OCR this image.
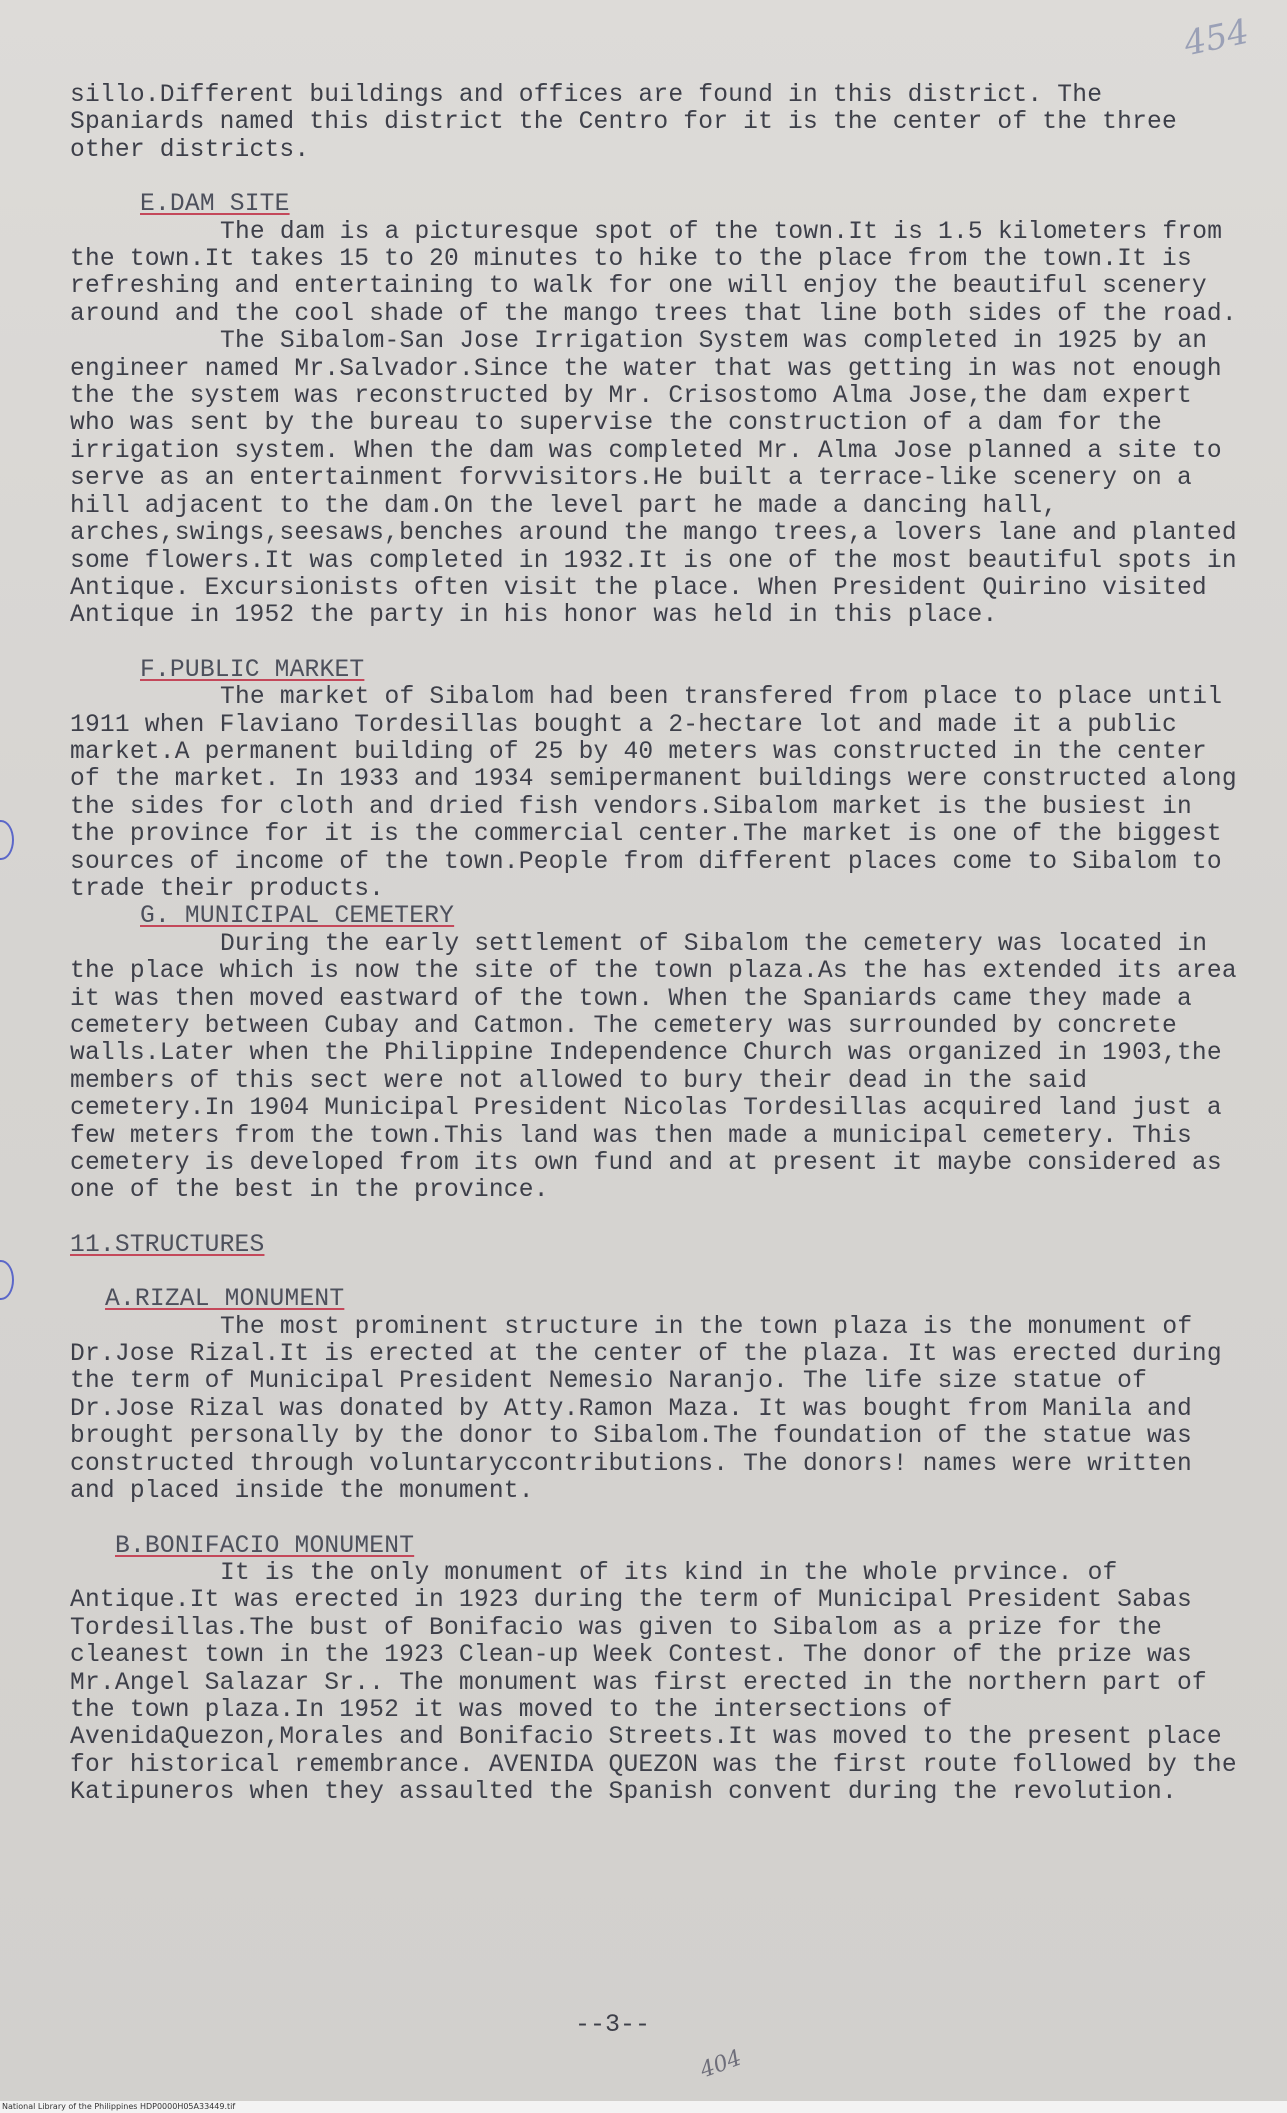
454

sillo.Different buildings and offices are found in this district. The Spaniards named this district the Centro for it is the center of the three other districts.

E.DAM SITE

The dam is a picturesque spot of the town.It is 1.5 kilometers from the town.It takes 15 to 20 minutes to hike to the place from the town.It is refreshing and entertaining to walk for one will enjoy the beautiful scenery around and the cool shade of the mango trees that line both sides of the road.

The Sibalom-San Jose Irrigation System was completed in 1925 by an engineer named Mr.Salvador.Since the water that was getting in was not enough the the system was reconstructed by Mr. Crisostomo Alma Jose,the dam expert who was sent by the bureau to supervise the construction of a dam for the irrigation system. When the dam was completed Mr. Alma Jose planned a site to serve as an entertainment forvvisitors.He built a terrace-like scenery on a hill adjacent to the dam.On the level part he made a dancing hall, arches,swings,seesaws,benches around the mango trees,a lovers lane and planted some flowers.It was completed in 1932.It is one of the most beautiful spots in Antique. Excursionists often visit the place. When President Quirino visited Antique in 1952 the party in his honor was held in this place.

F.PUBLIC MARKET

The market of Sibalom had been transfered from place to place until 1911 when Flaviano Tordesillas bought a 2-hectare lot and made it a public market.A permanent building of 25 by 40 meters was constructed in the center of the market. In 1933 and 1934 semipermanent buildings were constructed along the sides for cloth and dried fish vendors.Sibalom market is the busiest in the province for it is the commercial center.The market is one of the biggest sources of income of the town.People from different places come to Sibalom to trade their products.

G. MUNICIPAL CEMETERY

During the early settlement of Sibalom the cemetery was located in the place which is now the site of the town plaza.As the has extended its area it was then moved eastward of the town. When the Spaniards came they made a cemetery between Cubay and Catmon. The cemetery was surrounded by concrete walls.Later when the Philippine Independence Church was organized in 1903,the members of this sect were not allowed to bury their dead in the said cemetery.In 1904 Municipal President Nicolas Tordesillas acquired land just a few meters from the town.This land was then made a municipal cemetery. This cemetery is developed from its own fund and at present it maybe considered as one of the best in the province.

11.STRUCTURES
A.RIZAL MONUMENT

The most prominent structure in the town plaza is the monument of Dr.Jose Rizal.It is erected at the center of the plaza. It was erected during the term of Municipal President Nemesio Naranjo. The life size statue of Dr.Jose Rizal was donated by Atty.Ramon Maza. It was bought from Manila and brought personally by the donor to Sibalom.The foundation of the statue was constructed through voluntaryccontributions. The donors! names were written and placed inside the monument.

B.BONIFACIO MONUMENT

It is the only monument of its kind in the whole prvince. of Antique.It was erected in 1923 during the term of Municipal President Sabas Tordesillas.The bust of Bonifacio was given to Sibalom as a prize for the cleanest town in the 1923 Clean-up Week Contest. The donor of the prize was Mr.Angel Salazar Sr.. The monument was first erected in the northern part of the town plaza.In 1952 it was moved to the intersections of AvenidaQuezon,Morales and Bonifacio Streets.It was moved to the present place for historical remembrance. AVENIDA QUEZON was the first route followed by the Katipuneros when they assaulted the Spanish convent during the revolution.

--3--
404
National Library of the Philippines HDP0000H05A33449.tif
